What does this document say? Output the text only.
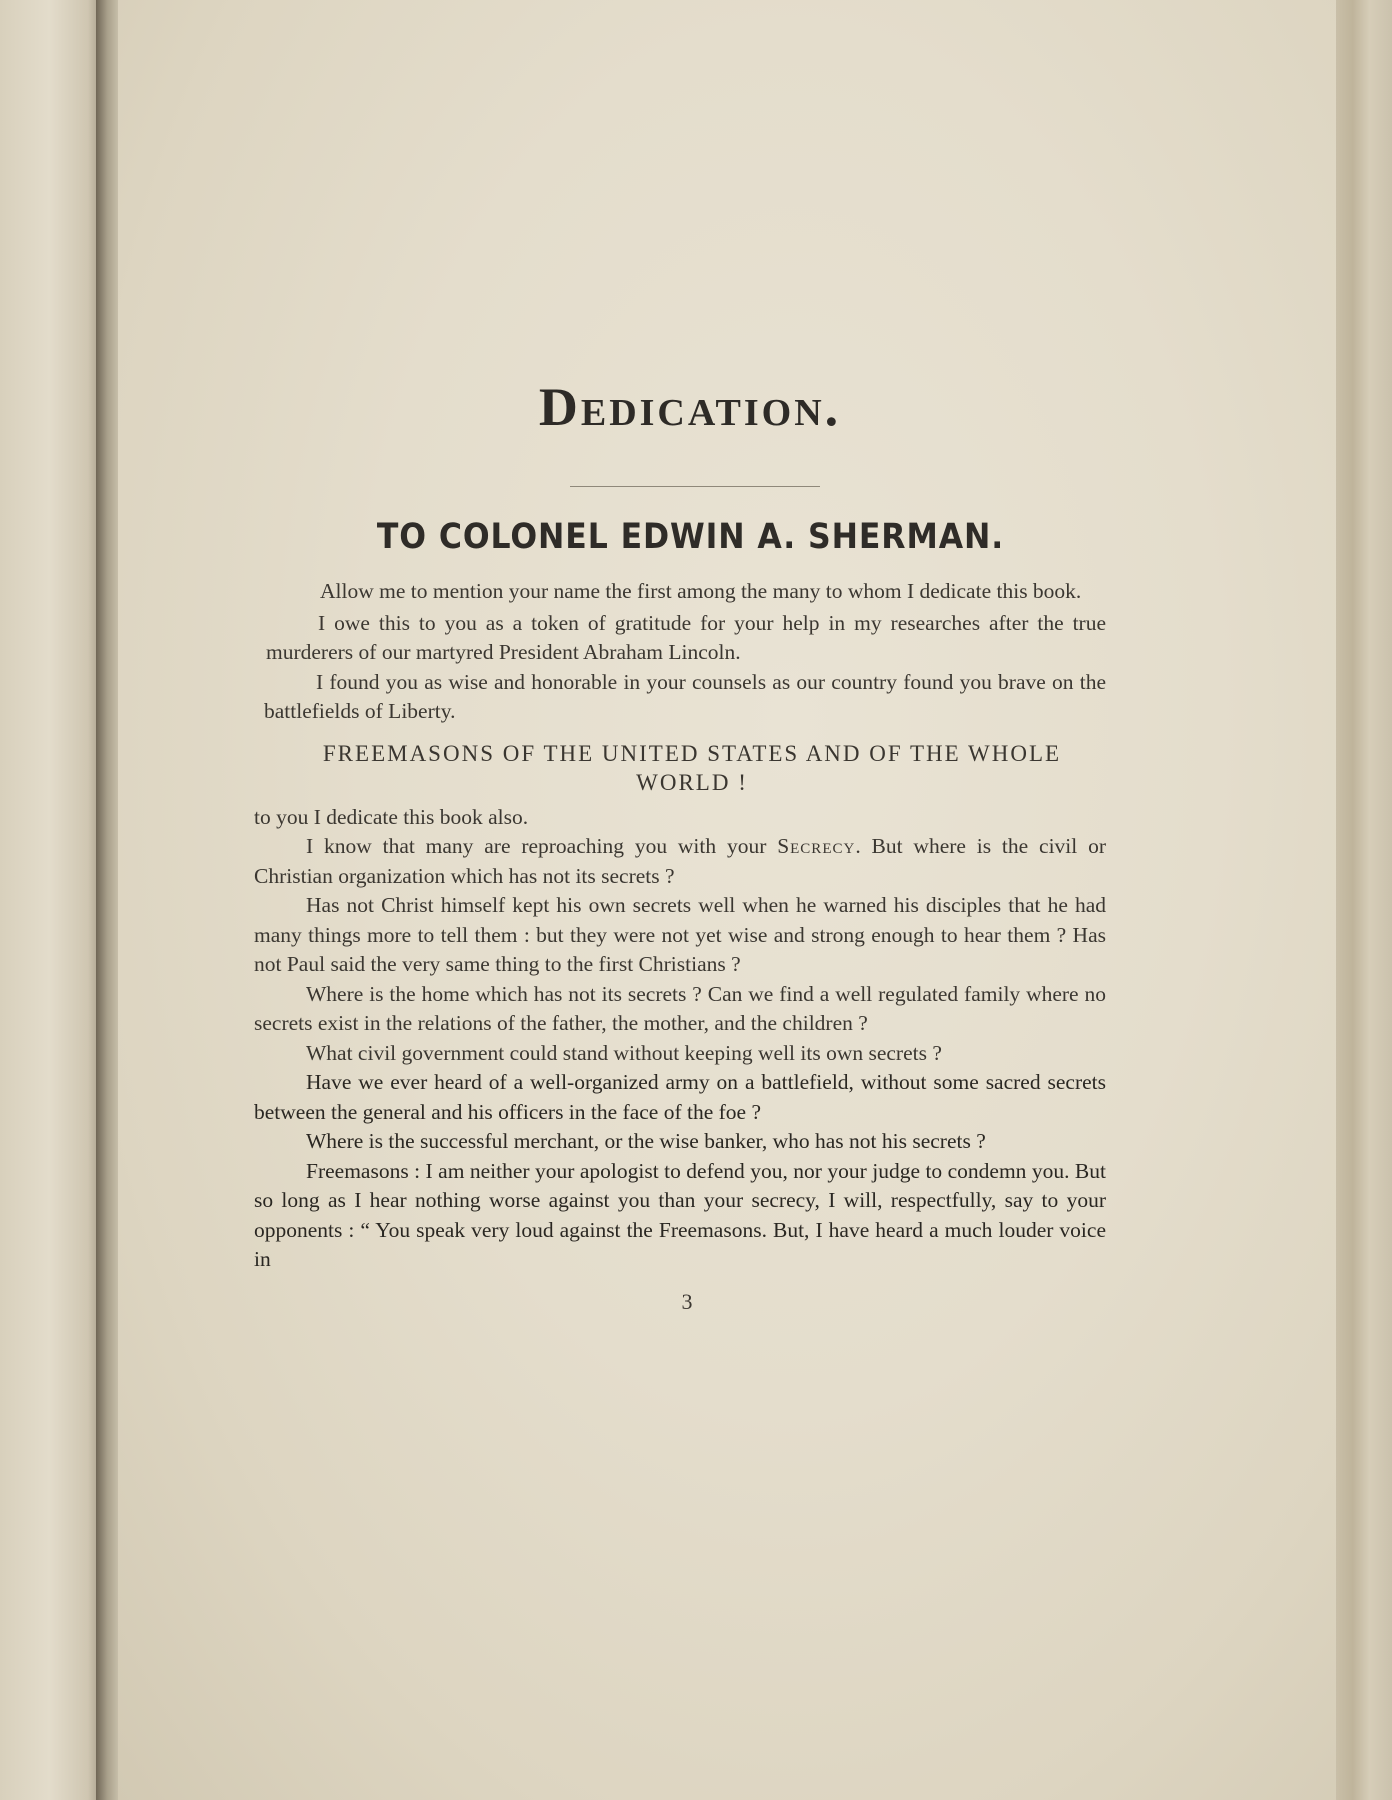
Dedication.
TO COLONEL EDWIN A. SHERMAN.

Allow me to mention your name the first among the many to whom I dedicate this book.

I owe this to you as a token of gratitude for your help in my researches after the true murderers of our martyred President Abraham Lincoln.

I found you as wise and honorable in your counsels as our country found you brave on the battlefields of Liberty.

FREEMASONS OF THE UNITED STATES AND OF THE WHOLE WORLD !

to you I dedicate this book also.

I know that many are reproaching you with your Secrecy. But where is the civil or Christian organization which has not its secrets ?

Has not Christ himself kept his own secrets well when he warned his disciples that he had many things more to tell them : but they were not yet wise and strong enough to hear them ? Has not Paul said the very same thing to the first Christians ?

Where is the home which has not its secrets ? Can we find a well regulated family where no secrets exist in the relations of the father, the mother, and the children ?

What civil government could stand without keeping well its own secrets ?

Have we ever heard of a well-organized army on a battlefield, without some sacred secrets between the general and his officers in the face of the foe ?

Where is the successful merchant, or the wise banker, who has not his secrets ?

Freemasons : I am neither your apologist to defend you, nor your judge to condemn you. But so long as I hear nothing worse against you than your secrecy, I will, respectfully, say to your opponents : “ You speak very loud against the Freemasons. But, I have heard a much louder voice in

3
